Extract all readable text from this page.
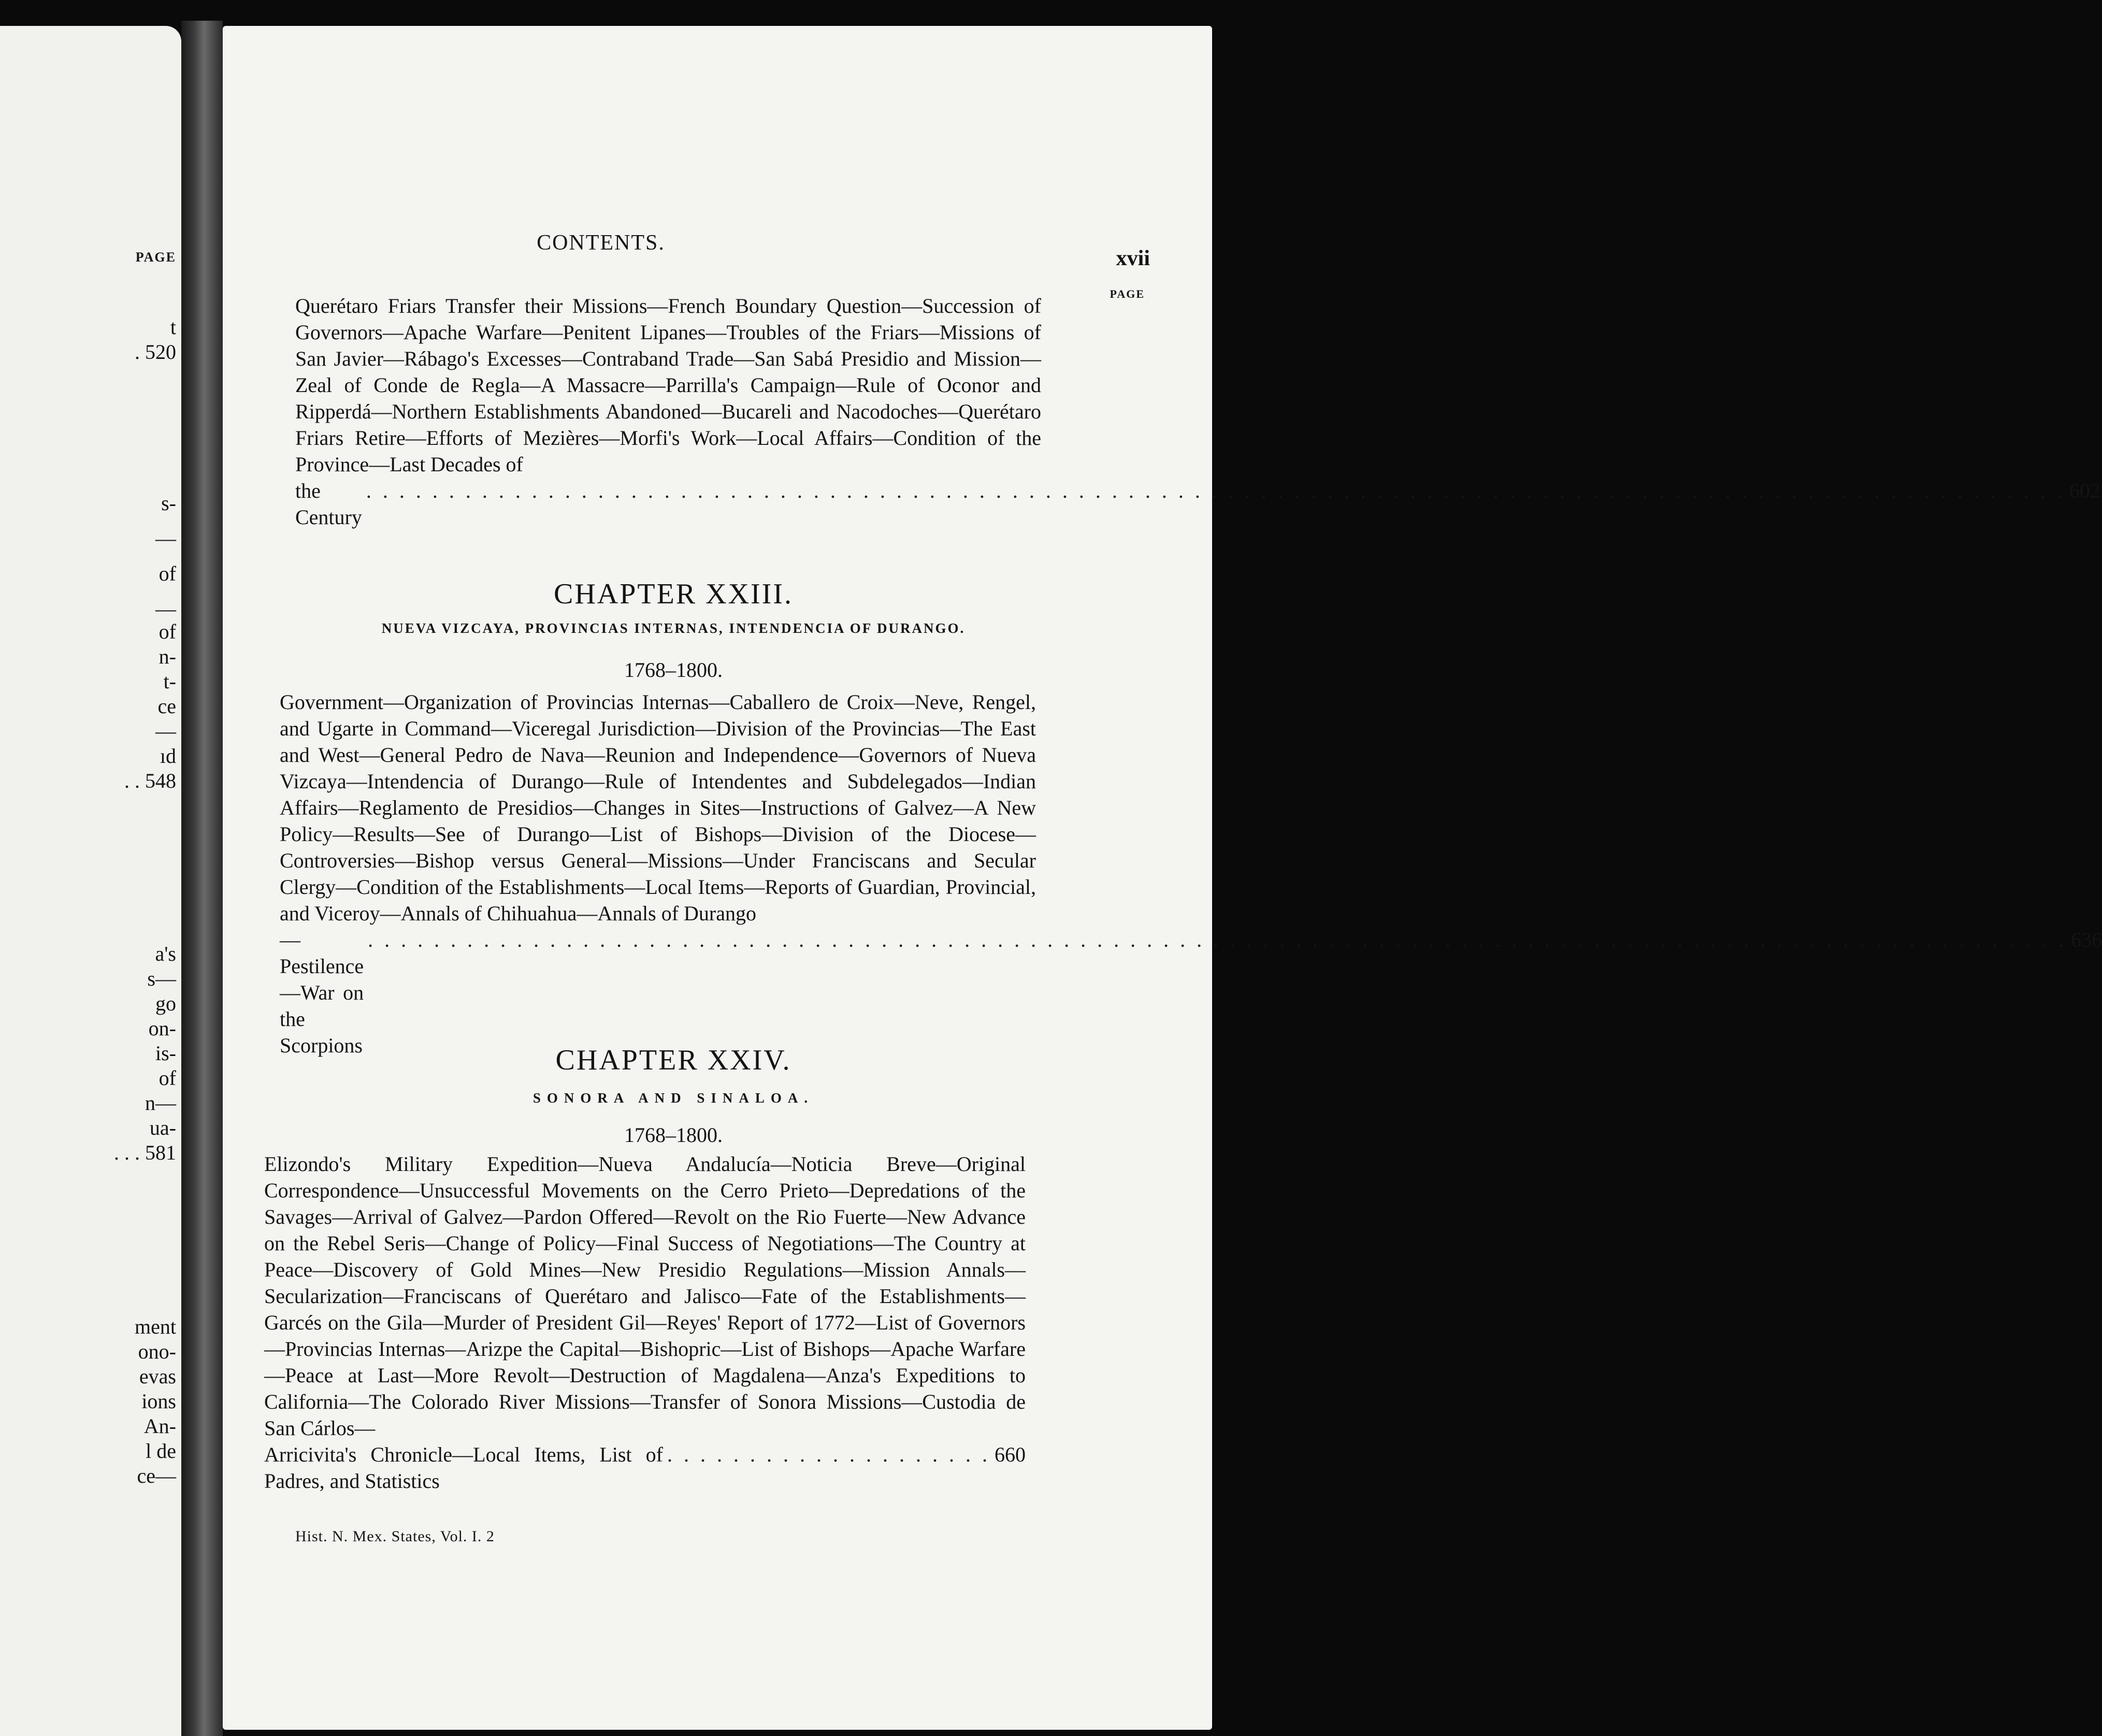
PAGE
t
. 520
s-
—
of
—
of
n-
t-
ce
—
ıd
. . 548
a's
s—
go
on-
is-
of
n—
ua-
. . . 581
ment
ono-
evas
ions
An-
l de
ce—
CONTENTS.
xvii
PAGE
Querétaro Friars Transfer their Missions—French Boundary Question—Succession of Governors—Apache Warfare—Penitent Lipanes—Troubles of the Friars—Missions of San Javier—Rábago's Excesses—Contraband Trade—San Sabá Presidio and Mission—Zeal of Conde de Regla—A Massacre—Parrilla's Campaign—Rule of Oconor and Ripperdá—Northern Establishments Abandoned—Bucareli and Nacodoches—Querétaro Friars Retire—Efforts of Mezières—Morfi's Work—Local Affairs—Condition of the Province—Last Decades of
the Century
. . . . . . . . . . . . . . . . . . . . . . . . . . . . . . . . . . . . . . . . . . . . . . . . . . . . . . . . . . . . . . . . . . . . . . . . . . . . . . . . . . . . . . . . . . . . . . . . . . . . . . . 602
CHAPTER XXIII.
NUEVA VIZCAYA, PROVINCIAS INTERNAS, INTENDENCIA OF DURANGO.
1768–1800.
Government—Organization of Provincias Internas—Caballero de Croix—Neve, Rengel, and Ugarte in Command—Viceregal Jurisdiction—Division of the Provincias—The East and West—General Pedro de Nava—Reunion and Independence—Governors of Nueva Vizcaya—Intendencia of Durango—Rule of Intendentes and Subdelegados—Indian Affairs—Reglamento de Presidios—Changes in Sites—Instructions of Galvez—A New Policy—Results—See of Durango—List of Bishops—Division of the Diocese—Controversies—Bishop versus General—Missions—Under Franciscans and Secular Clergy—Condition of the Establishments—Local Items—Reports of Guardian, Provincial, and Viceroy—Annals of Chihuahua—Annals of Durango
—Pestilence—War on the Scorpions
. . . . . . . . . . . . . . . . . . . . . . . . . . . . . . . . . . . . . . . . . . . . . . . . . . . . . . . . . . . . . . . . . . . . . . . . . . . . . . . . . . . . . . . . . . . . . . . . . . . . . . . 636
CHAPTER XXIV.
SONORA AND SINALOA.
1768–1800.
Elizondo's Military Expedition—Nueva Andalucía—Noticia Breve—Original Correspondence—Unsuccessful Movements on the Cerro Prieto—Depredations of the Savages—Arrival of Galvez—Pardon Offered—Revolt on the Rio Fuerte—New Advance on the Rebel Seris—Change of Policy—Final Success of Negotiations—The Country at Peace—Discovery of Gold Mines—New Presidio Regulations—Mission Annals—Secularization—Franciscans of Querétaro and Jalisco—Fate of the Establishments—Garcés on the Gila—Murder of President Gil—Reyes' Report of 1772—List of Governors—Provincias Internas—Arizpe the Capital—Bishopric—List of Bishops—Apache Warfare—Peace at Last—More Revolt—Destruction of Magdalena—Anza's Expeditions to California—The Colorado River Missions—Transfer of Sonora Missions—Custodia de San Cárlos—
Arricivita's Chronicle—Local Items, List of Padres, and Statistics
. . . . . . . . . . . . . . . . . . . . 660
Hist. N. Mex. States, Vol. I. 2
